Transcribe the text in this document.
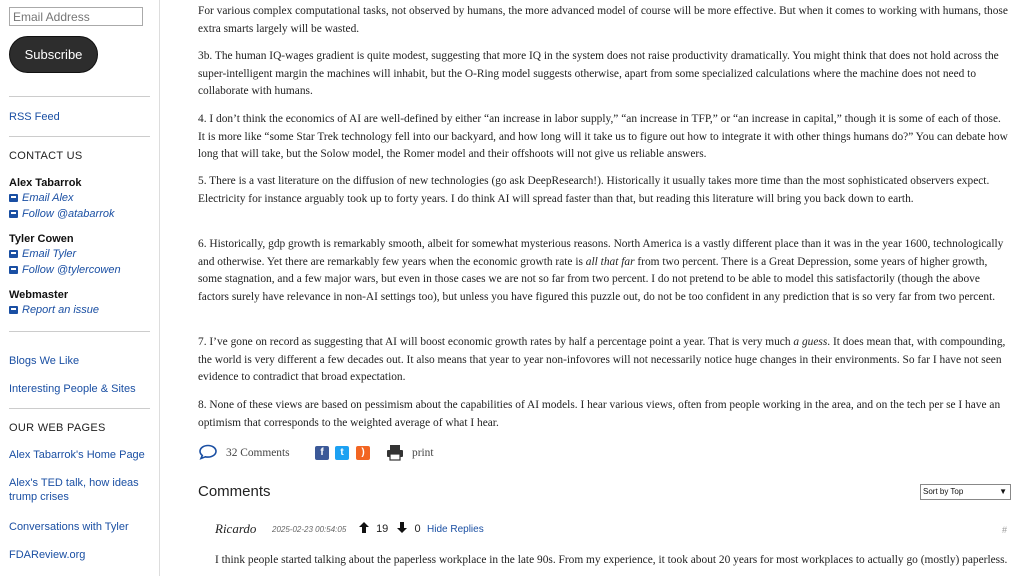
Email Address
Subscribe
RSS Feed
CONTACT US
Alex Tabarrok
Email Alex
Follow @atabarrok
Tyler Cowen
Email Tyler
Follow @tylercowen
Webmaster
Report an issue
Blogs We Like
Interesting People & Sites
OUR WEB PAGES
Alex Tabarrok's Home Page
Alex's TED talk, how ideas trump crises
Conversations with Tyler
FDAReview.org

For various complex computational tasks, not observed by humans, the more advanced model of course will be more effective. But when it comes to working with humans, those extra smarts largely will be wasted.

3b. The human IQ-wages gradient is quite modest, suggesting that more IQ in the system does not raise productivity dramatically. You might think that does not hold across the super-intelligent margin the machines will inhabit, but the O-Ring model suggests otherwise, apart from some specialized calculations where the machine does not need to collaborate with humans.

4. I don’t think the economics of AI are well-defined by either “an increase in labor supply,” “an increase in TFP,” or “an increase in capital,” though it is some of each of those. It is more like “some Star Trek technology fell into our backyard, and how long will it take us to figure out how to integrate it with other things humans do?” You can debate how long that will take, but the Solow model, the Romer model and their offshoots will not give us reliable answers.

5. There is a vast literature on the diffusion of new technologies (go ask DeepResearch!). Historically it usually takes more time than the most sophisticated observers expect. Electricity for instance arguably took up to forty years. I do think AI will spread faster than that, but reading this literature will bring you back down to earth.

6. Historically, gdp growth is remarkably smooth, albeit for somewhat mysterious reasons. North America is a vastly different place than it was in the year 1600, technologically and otherwise. Yet there are remarkably few years when the economic growth rate is all that far from two percent. There is a Great Depression, some years of higher growth, some stagnation, and a few major wars, but even in those cases we are not so far from two percent. I do not pretend to be able to model this satisfactorily (though the above factors surely have relevance in non-AI settings too), but unless you have figured this puzzle out, do not be too confident in any prediction that is so very far from two percent.

7. I’ve gone on record as suggesting that AI will boost economic growth rates by half a percentage point a year. That is very much a guess. It does mean that, with compounding, the world is very different a few decades out. It also means that year to year non-infovores will not necessarily notice huge changes in their environments. So far I have not seen evidence to contradict that broad expectation.

8. None of these views are based on pessimism about the capabilities of AI models. I hear various views, often from people working in the area, and on the tech per se I have an optimism that corresponds to the weighted average of what I hear.

32 Comments	f	t	)	print
Comments	Sort by Top	▼
Ricardo 2025-02-23 00:54:05	19 0 Hide Replies	#

I think people started talking about the paperless workplace in the late 90s. From my experience, it took about 20 years for most workplaces to actually go (mostly) paperless.
